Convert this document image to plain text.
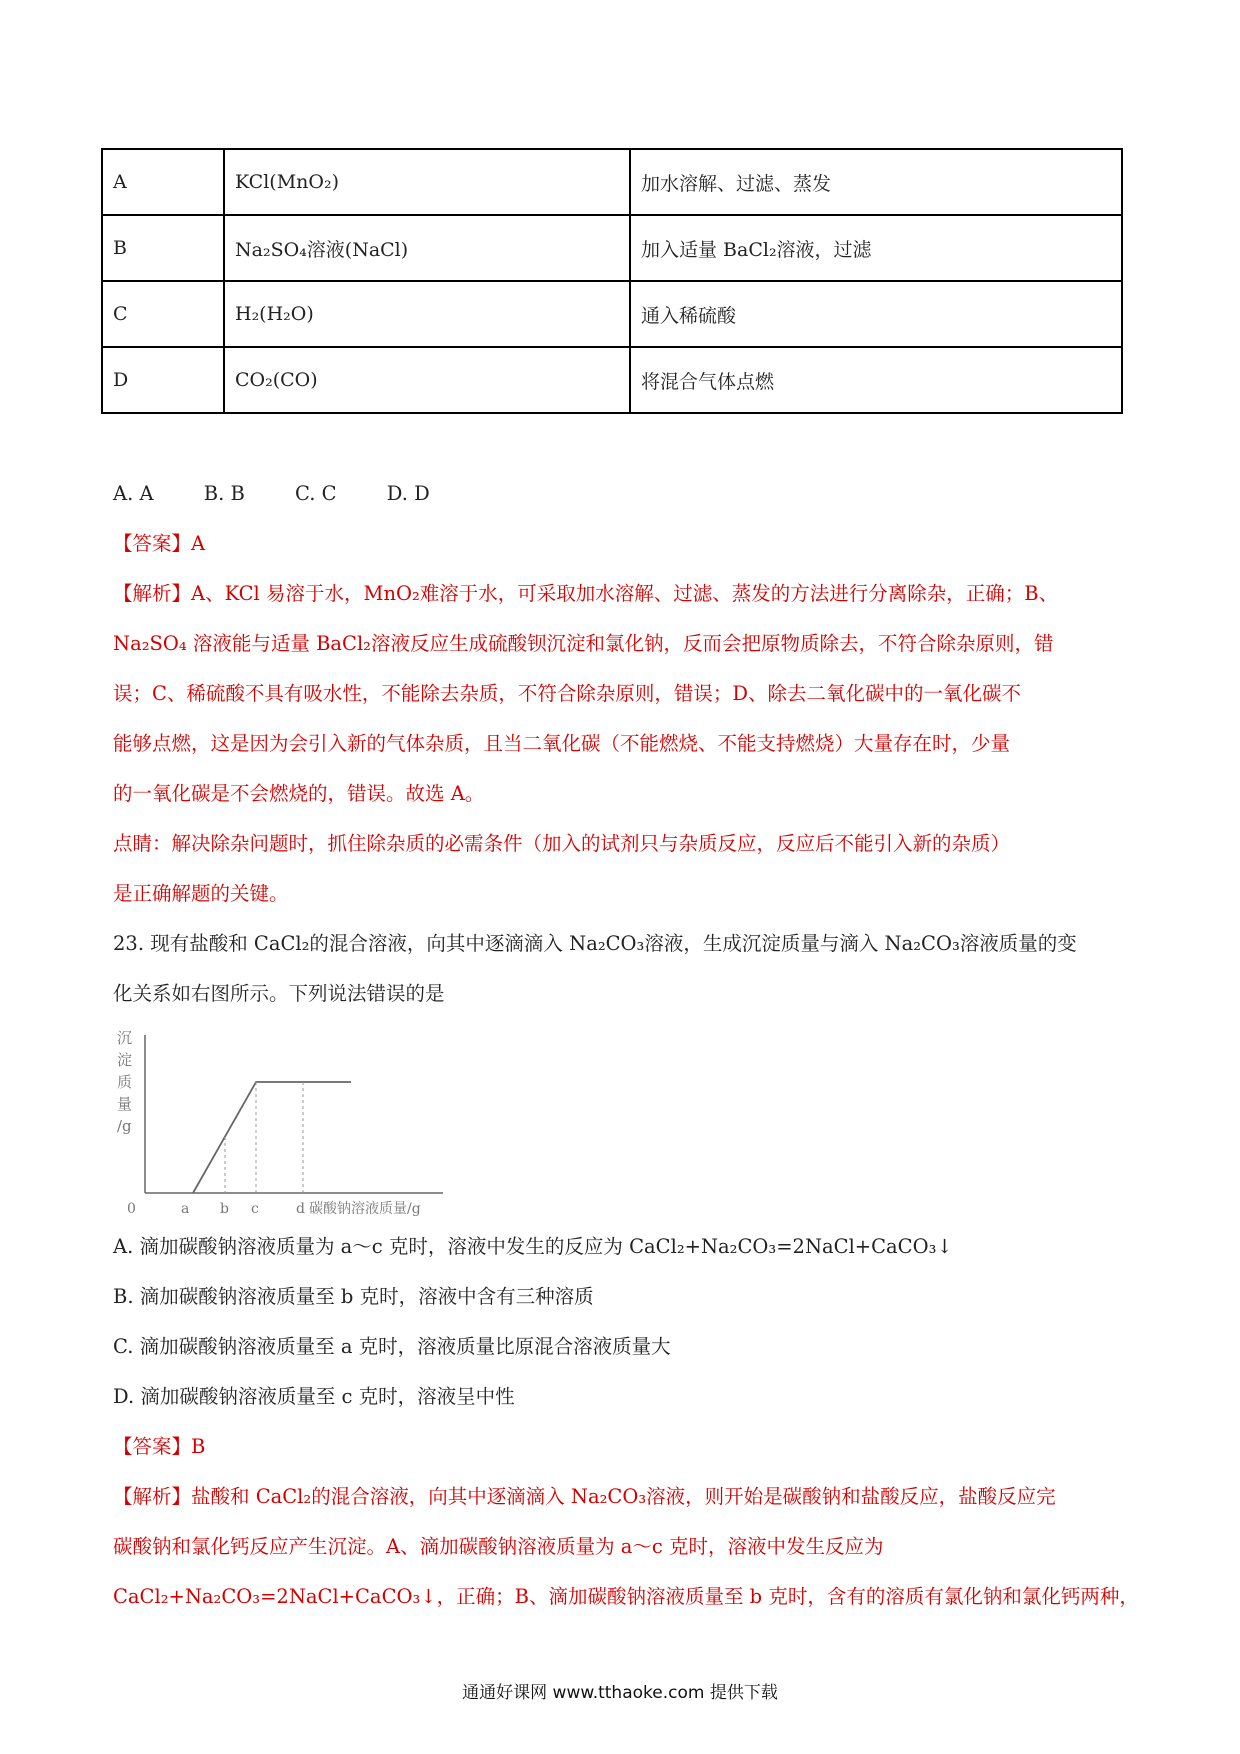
A	KCl(MnO₂)	加水溶解、过滤、蒸发
B	Na₂SO₄溶液(NaCl)	加入适量 BaCl₂溶液，过滤
C	H₂(H₂O)	通入稀硫酸
D	CO₂(CO)	将混合气体点燃
A. A	B. B	C. C	D. D
【答案】A
【解析】A、KCl 易溶于水，MnO₂难溶于水，可采取加水溶解、过滤、蒸发的方法进行分离除杂，正确；B、
Na₂SO₄ 溶液能与适量 BaCl₂溶液反应生成硫酸钡沉淀和氯化钠，反而会把原物质除去，不符合除杂原则，错
误；C、稀硫酸不具有吸水性，不能除去杂质，不符合除杂原则，错误；D、除去二氧化碳中的一氧化碳不
能够点燃，这是因为会引入新的气体杂质，且当二氧化碳（不能燃烧、不能支持燃烧）大量存在时，少量
的一氧化碳是不会燃烧的，错误。故选 A。
点睛：解决除杂问题时，抓住除杂质的必需条件（加入的试剂只与杂质反应，反应后不能引入新的杂质）
是正确解题的关键。
23. 现有盐酸和 CaCl₂的混合溶液，向其中逐滴滴入 Na₂CO₃溶液，生成沉淀质量与滴入 Na₂CO₃溶液质量的变
化关系如右图所示。下列说法错误的是
沉
淀
质
量
/g
0	a b c	d 碳酸钠溶液质量/g
A. 滴加碳酸钠溶液质量为 a～c 克时，溶液中发生的反应为 CaCl₂+Na₂CO₃=2NaCl+CaCO₃↓
B. 滴加碳酸钠溶液质量至 b 克时，溶液中含有三种溶质
C. 滴加碳酸钠溶液质量至 a 克时，溶液质量比原混合溶液质量大
D. 滴加碳酸钠溶液质量至 c 克时，溶液呈中性
【答案】B
【解析】盐酸和 CaCl₂的混合溶液，向其中逐滴滴入 Na₂CO₃溶液，则开始是碳酸钠和盐酸反应，盐酸反应完
碳酸钠和氯化钙反应产生沉淀。A、滴加碳酸钠溶液质量为 a～c 克时，溶液中发生反应为
CaCl₂+Na₂CO₃=2NaCl+CaCO₃↓，正确；B、滴加碳酸钠溶液质量至 b 克时，含有的溶质有氯化钠和氯化钙两种，
通通好课网 www.tthaoke.com 提供下载
